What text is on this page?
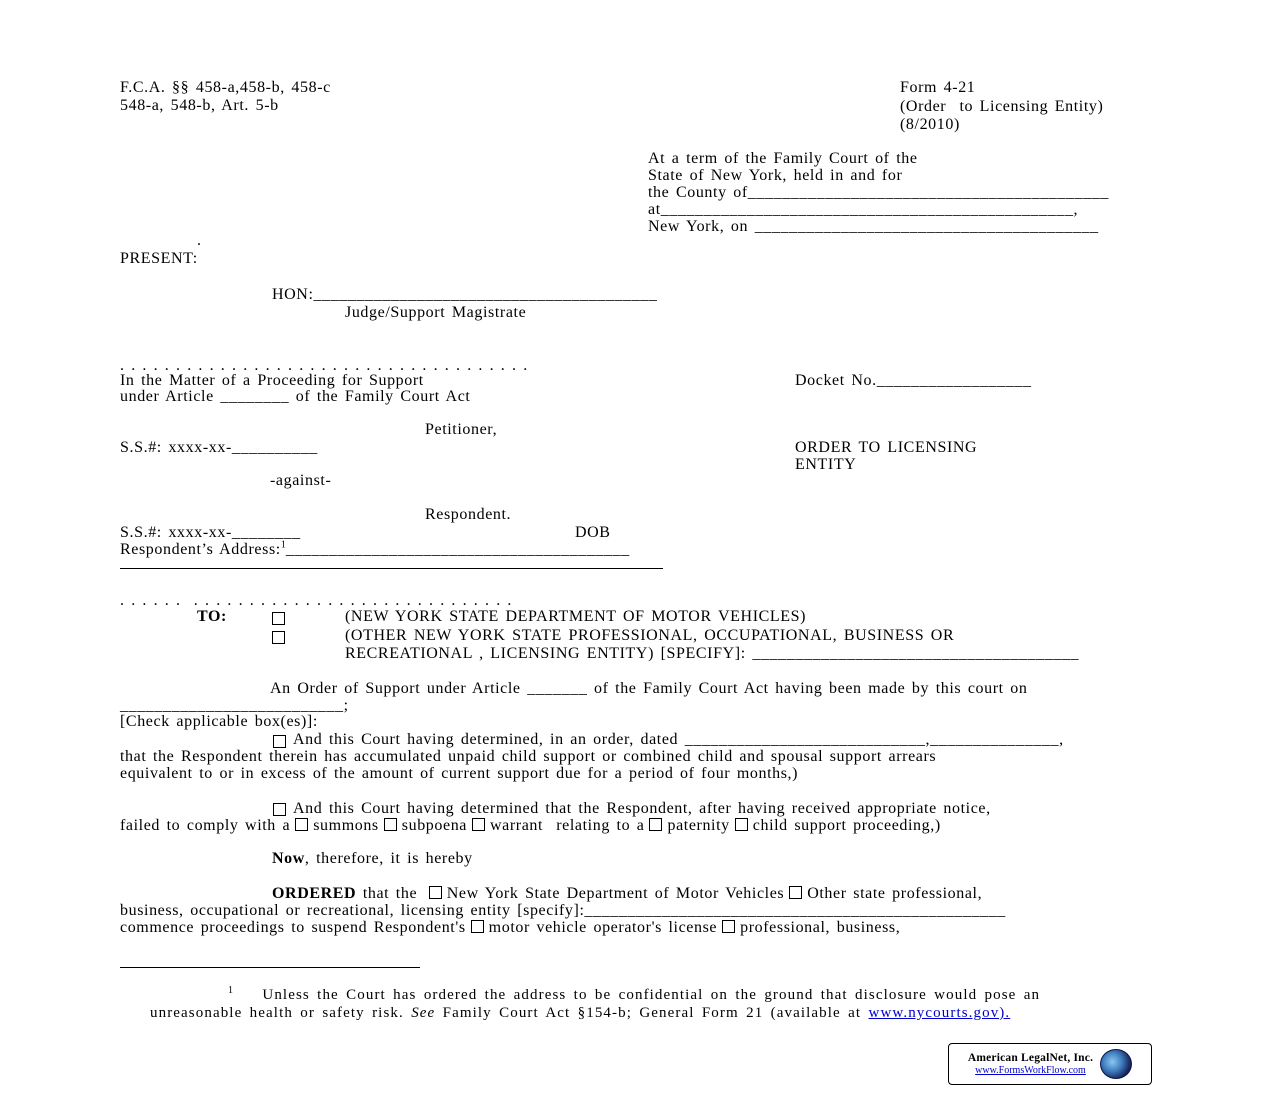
F.C.A. §§ 458-a,458-b, 458-c
548-a, 548-b, Art. 5-b
Form 4-21
(Order  to Licensing Entity)
(8/2010)
At a term of the Family Court of the
State of New York, held in and for
the County of__________________________________________
at________________________________________________,
New York, on ________________________________________
.
PRESENT:
HON:________________________________________
Judge/Support Magistrate
. . . . . . . . . . . . . . . . . . . . . . . . . . . . . . . . . . . . .
In the Matter of a Proceeding for Support	Docket No.__________________
under Article ________ of the Family Court Act
Petitioner,
S.S.#: xxxx-xx-__________	ORDER TO LICENSING
ENTITY
-against-
Respondent.
S.S.#: xxxx-xx-________	DOB
Respondent’s Address:$^1$________________________________________
. . . . . .  . . . . . . . . . . . . . . . . . . . . . . . . . . . . .
TO:	(NEW YORK STATE DEPARTMENT OF MOTOR VEHICLES)
(OTHER NEW YORK STATE PROFESSIONAL, OCCUPATIONAL, BUSINESS OR
RECREATIONAL , LICENSING ENTITY) [SPECIFY]: ______________________________________
An Order of Support under Article _______ of the Family Court Act having been made by this court on
__________________________;
[Check applicable box(es)]:
And this Court having determined, in an order, dated ____________________________,_______________,
that the Respondent therein has accumulated unpaid child support or combined child and spousal support arrears
equivalent to or in excess of the amount of current support due for a period of four months,)
And this Court having determined that the Respondent, after having received appropriate notice,
failed to comply with a summons subpoena warrant  relating to a paternity child support proceeding,)
Now, therefore, it is hereby
ORDERED that the New York State Department of Motor Vehicles Other state professional,
business, occupational or recreational, licensing entity [specify]:_________________________________________________
commence proceedings to suspend Respondent's motor vehicle operator's license professional, business,
$^1$    Unless the Court has ordered the address to be confidential on the ground that disclosure would pose an
unreasonable health or safety risk. See Family Court Act §154-b; General Form 21 (available at www.nycourts.gov).
American LegalNet, Inc.
www.FormsWorkFlow.com
